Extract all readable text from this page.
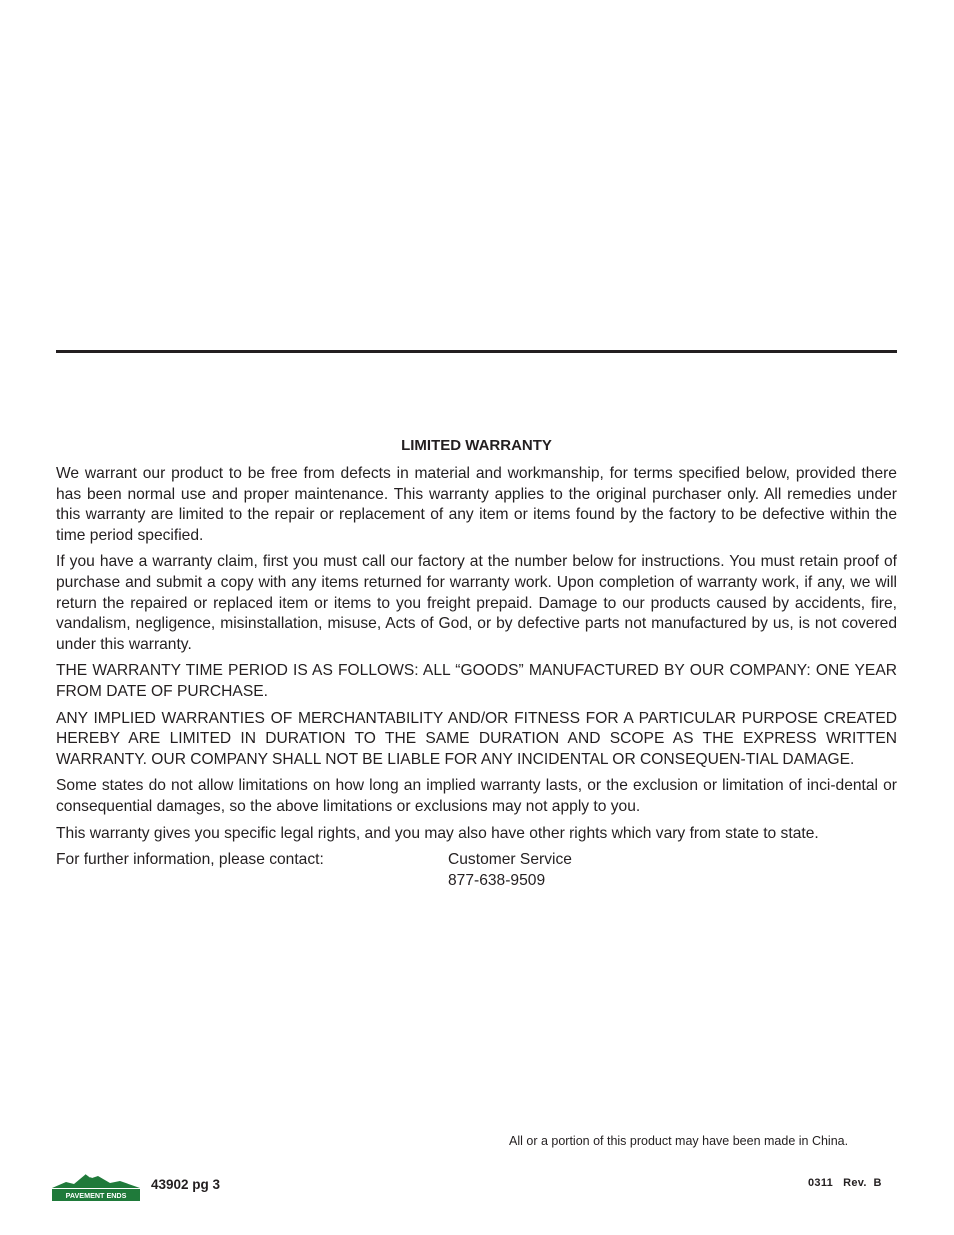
LIMITED WARRANTY

We warrant our product to be free from defects in material and workmanship, for terms specified below, provided there has been normal use and proper maintenance. This warranty applies to the original purchaser only. All remedies under this warranty are limited to the repair or replacement of any item or items found by the factory to be defective within the time period specified.

If you have a warranty claim, first you must call our factory at the number below for instructions. You must retain proof of purchase and submit a copy with any items returned for warranty work. Upon completion of warranty work, if any, we will return the repaired or replaced item or items to you freight prepaid. Damage to our products caused by accidents, fire, vandalism, negligence, misinstallation, misuse, Acts of God, or by defective parts not manufactured by us, is not covered under this warranty.

THE WARRANTY TIME PERIOD IS AS FOLLOWS: ALL “GOODS” MANUFACTURED BY OUR COMPANY: ONE YEAR FROM DATE OF PURCHASE.

ANY IMPLIED WARRANTIES OF MERCHANTABILITY AND/OR FITNESS FOR A PARTICULAR PURPOSE CREATED HEREBY ARE LIMITED IN DURATION TO THE SAME DURATION AND SCOPE AS THE EXPRESS WRITTEN WARRANTY. OUR COMPANY SHALL NOT BE LIABLE FOR ANY INCIDENTAL OR CONSEQUEN-TIAL DAMAGE.

Some states do not allow limitations on how long an implied warranty lasts, or the exclusion or limitation of inci-dental or consequential damages, so the above limitations or exclusions may not apply to you.

This warranty gives you specific legal rights, and you may also have other rights which vary from state to state.

For further information, please contact:	Customer Service
877-638-9509
All or a portion of this product may have been made in China.
PAVEMENT ENDS
43902 pg 3	0311   Rev.  B
